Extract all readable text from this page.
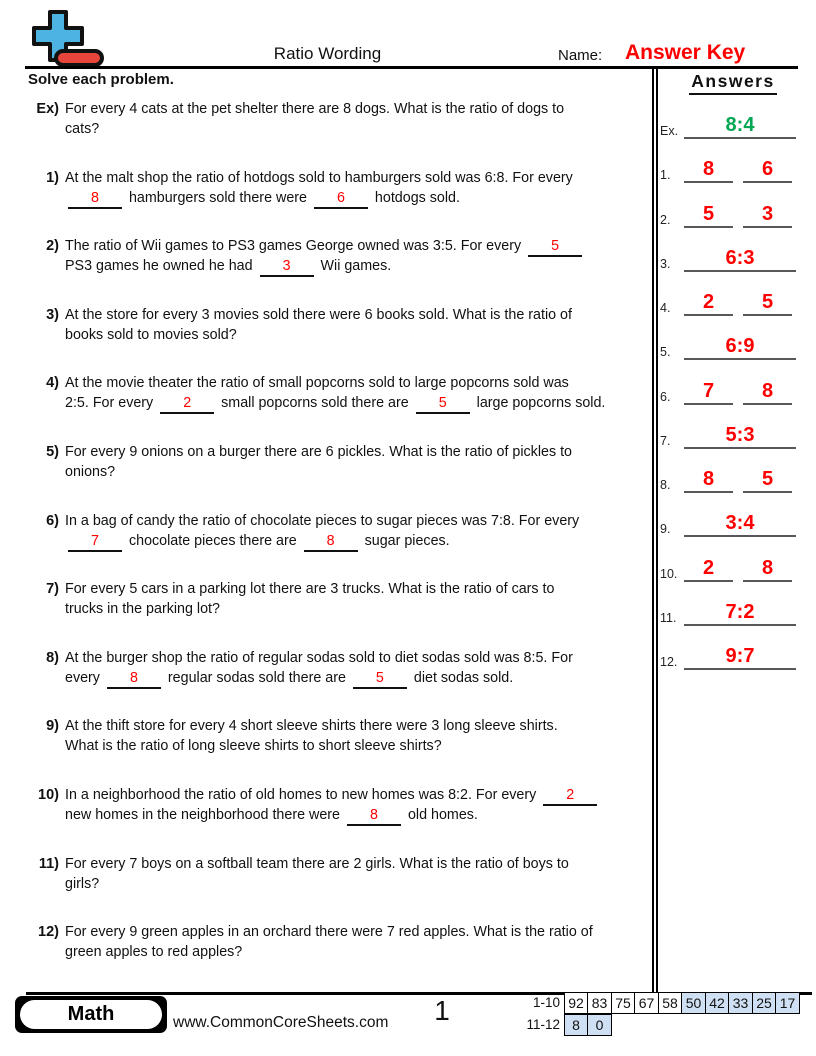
Ratio Wording	Name: Answer Key
Solve each problem.
Ex) For every 4 cats at the pet shelter there are 8 dogs. What is the ratio of dogs to
cats?
1) At the malt shop the ratio of hotdogs sold to hamburgers sold was 6:8. For every
8 hamburgers sold there were 6 hotdogs sold.
2) The ratio of Wii games to PS3 games George owned was 3:5. For every 5
PS3 games he owned he had 3 Wii games.
3) At the store for every 3 movies sold there were 6 books sold. What is the ratio of
books sold to movies sold?
4) At the movie theater the ratio of small popcorns sold to large popcorns sold was
2:5. For every 2 small popcorns sold there are 5 large popcorns sold.
5) For every 9 onions on a burger there are 6 pickles. What is the ratio of pickles to
onions?
6) In a bag of candy the ratio of chocolate pieces to sugar pieces was 7:8. For every
7 chocolate pieces there are 8 sugar pieces.
7) For every 5 cars in a parking lot there are 3 trucks. What is the ratio of cars to
trucks in the parking lot?
8) At the burger shop the ratio of regular sodas sold to diet sodas sold was 8:5. For
every 8 regular sodas sold there are 5 diet sodas sold.
9) At the thift store for every 4 short sleeve shirts there were 3 long sleeve shirts.
What is the ratio of long sleeve shirts to short sleeve shirts?
10) In a neighborhood the ratio of old homes to new homes was 8:2. For every 2
new homes in the neighborhood there were 8 old homes.
11) For every 7 boys on a softball team there are 2 girls. What is the ratio of boys to
girls?
12) For every 9 green apples in an orchard there were 7 red apples. What is the ratio of
green apples to red apples?
Answers
Ex.	8:4
1.	8	6
2.	5	3
3.	6:3
4.	2	5
5.	6:9
6.	7	8
7.	5:3
8.	8	5
9.	3:4
10.	2	8
11.	7:2
12.	9:7
Math	www.CommonCoreSheets.com	1	1-10 92 83 75 67 58 50 42 33 25 17
11-12 8	0
